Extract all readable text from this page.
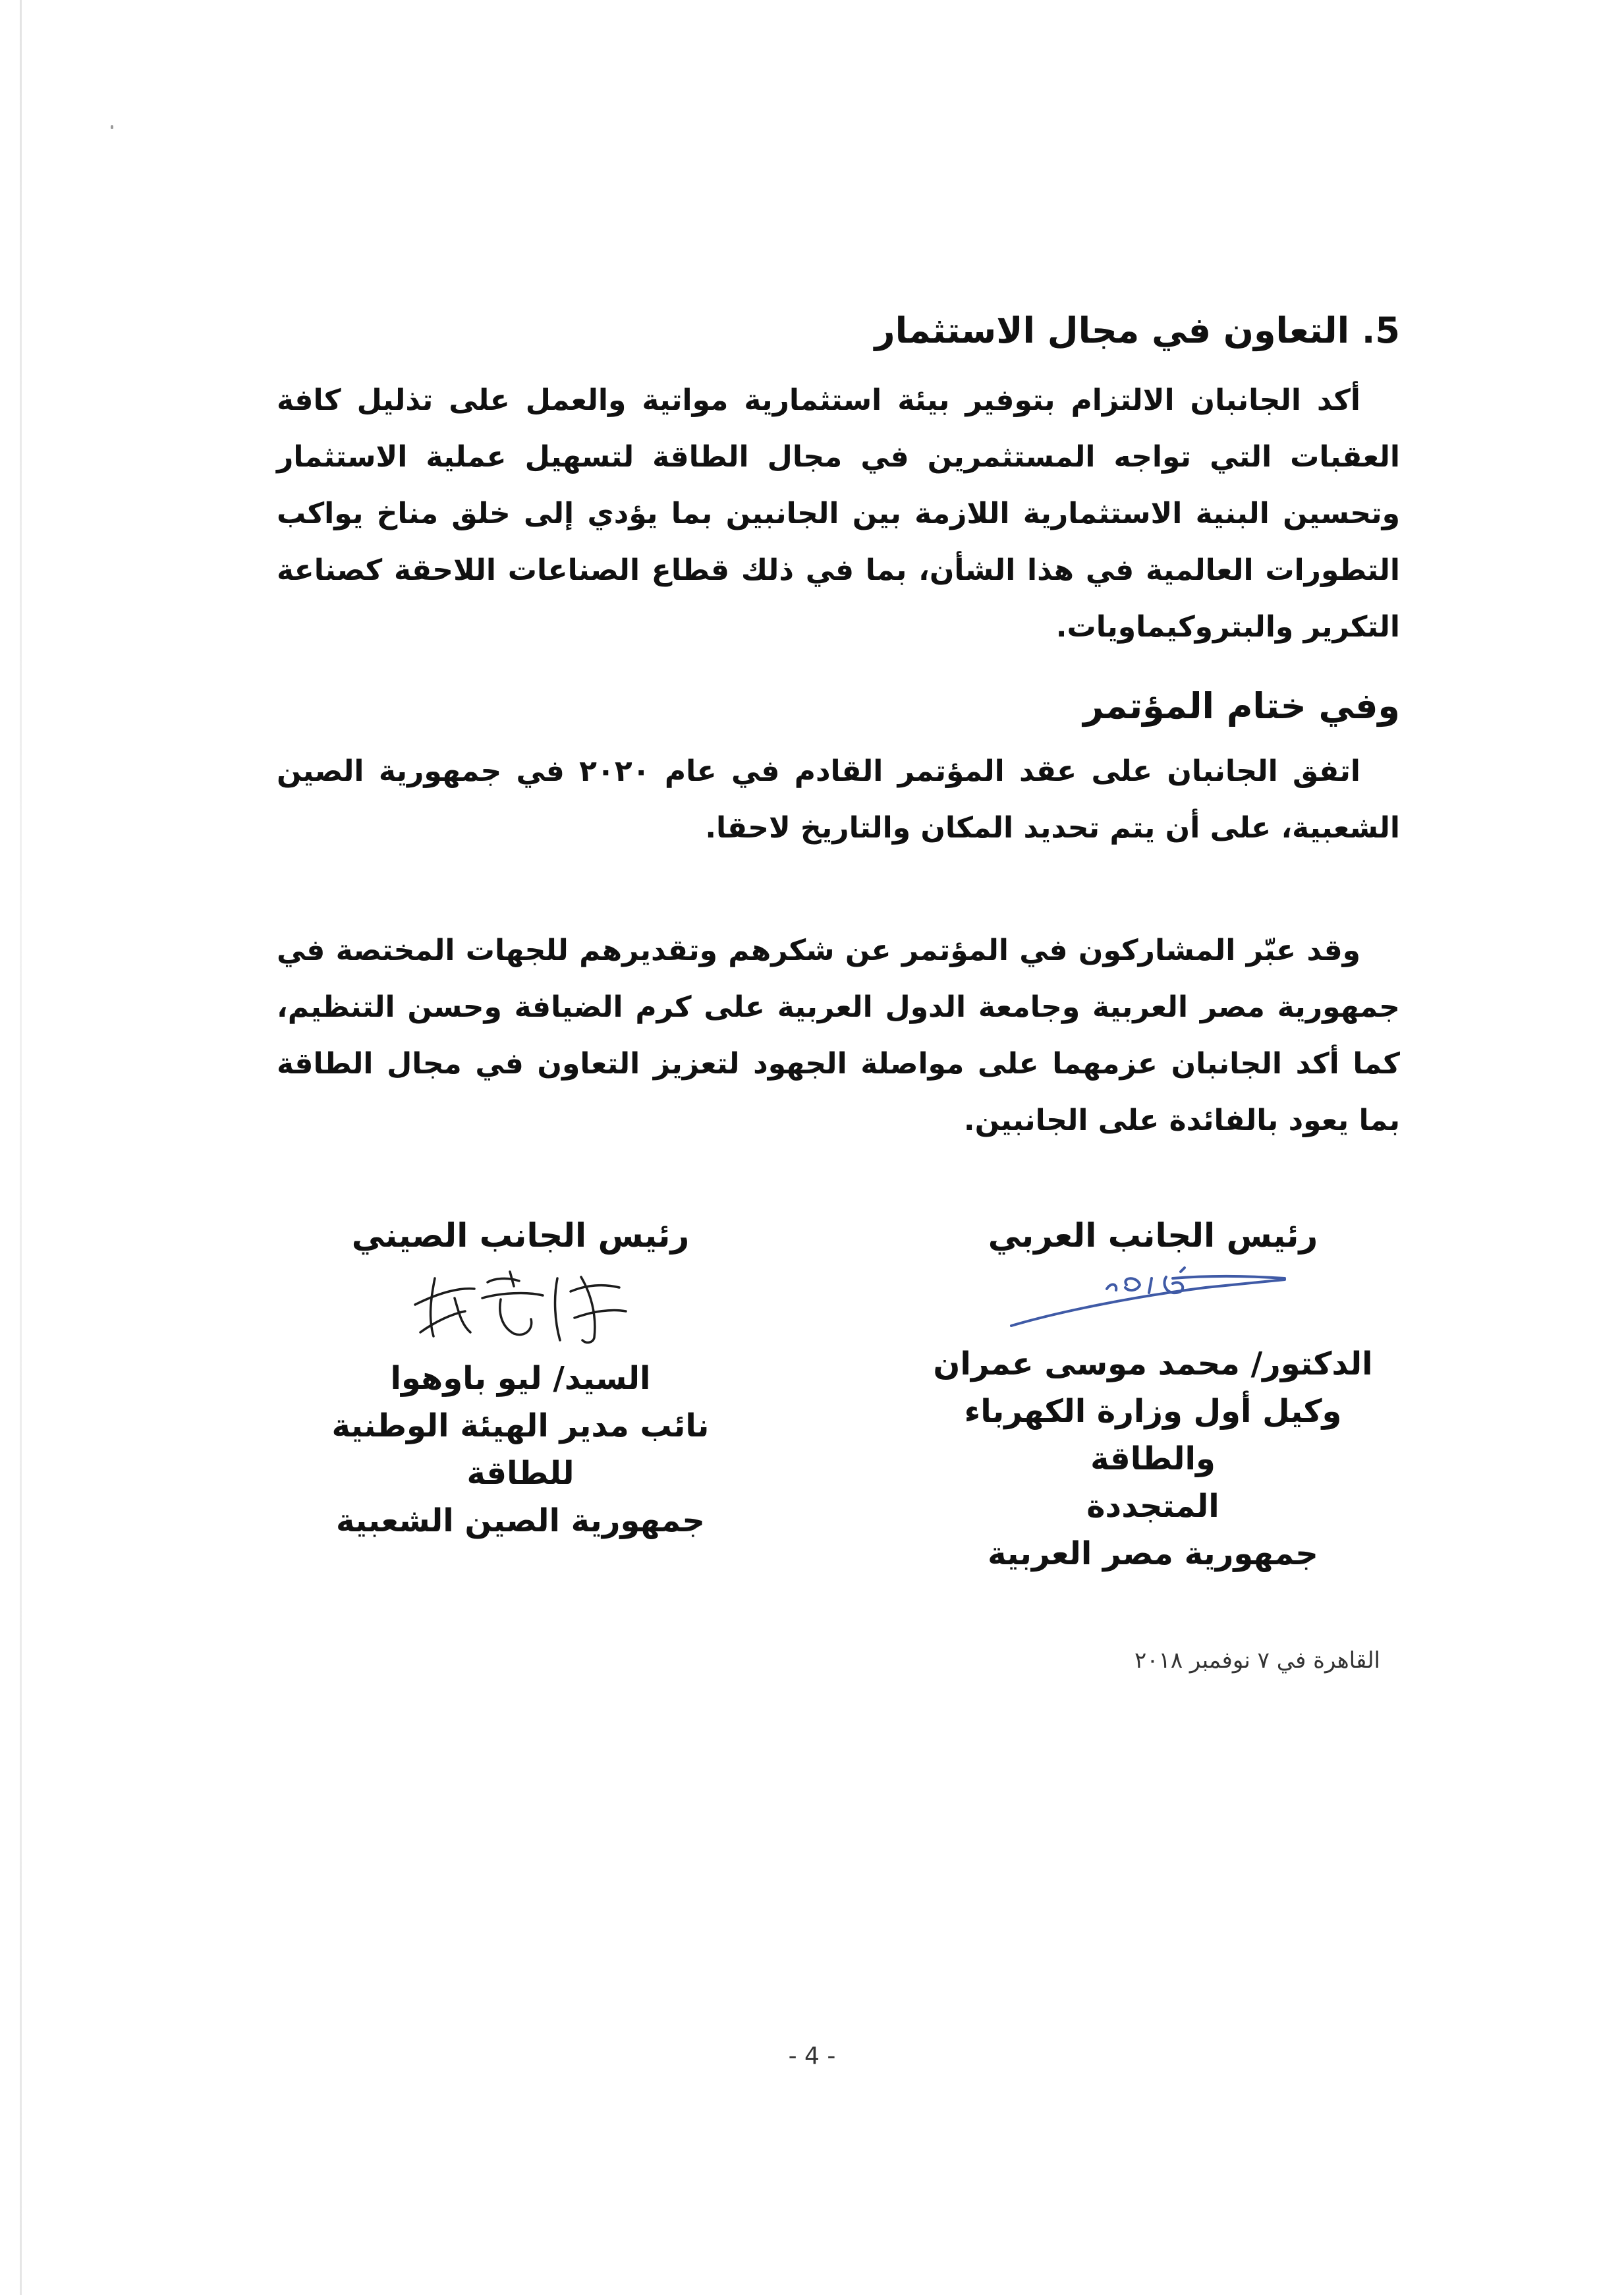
5. التعاون في مجال الاستثمار

أكد الجانبان الالتزام بتوفير بيئة استثمارية مواتية والعمل على تذليل كافة العقبات التي تواجه المستثمرين في مجال الطاقة لتسهيل عملية الاستثمار وتحسين البنية الاستثمارية اللازمة بين الجانبين بما يؤدي إلى خلق مناخ يواكب التطورات العالمية في هذا الشأن، بما في ذلك قطاع الصناعات اللاحقة كصناعة التكرير والبتروكيماويات.

وفي ختام المؤتمر

اتفق الجانبان على عقد المؤتمر القادم في عام ٢٠٢٠ في جمهورية الصين الشعبية، على أن يتم تحديد المكان والتاريخ لاحقا.

وقد عبّر المشاركون في المؤتمر عن شكرهم وتقديرهم للجهات المختصة في جمهورية مصر العربية وجامعة الدول العربية على كرم الضيافة وحسن التنظيم، كما أكد الجانبان عزمهما على مواصلة الجهود لتعزيز التعاون في مجال الطاقة بما يعود بالفائدة على الجانبين.

رئيس الجانب العربي

الدكتور/ محمد موسى عمران

وكيل أول وزارة الكهرباء والطاقة

المتجددة

جمهورية مصر العربية

رئيس الجانب الصيني

السيد/ ليو باوهوا

نائب مدير الهيئة الوطنية للطاقة

جمهورية الصين الشعبية

القاهرة في ٧ نوفمبر ٢٠١٨
- 4 -
